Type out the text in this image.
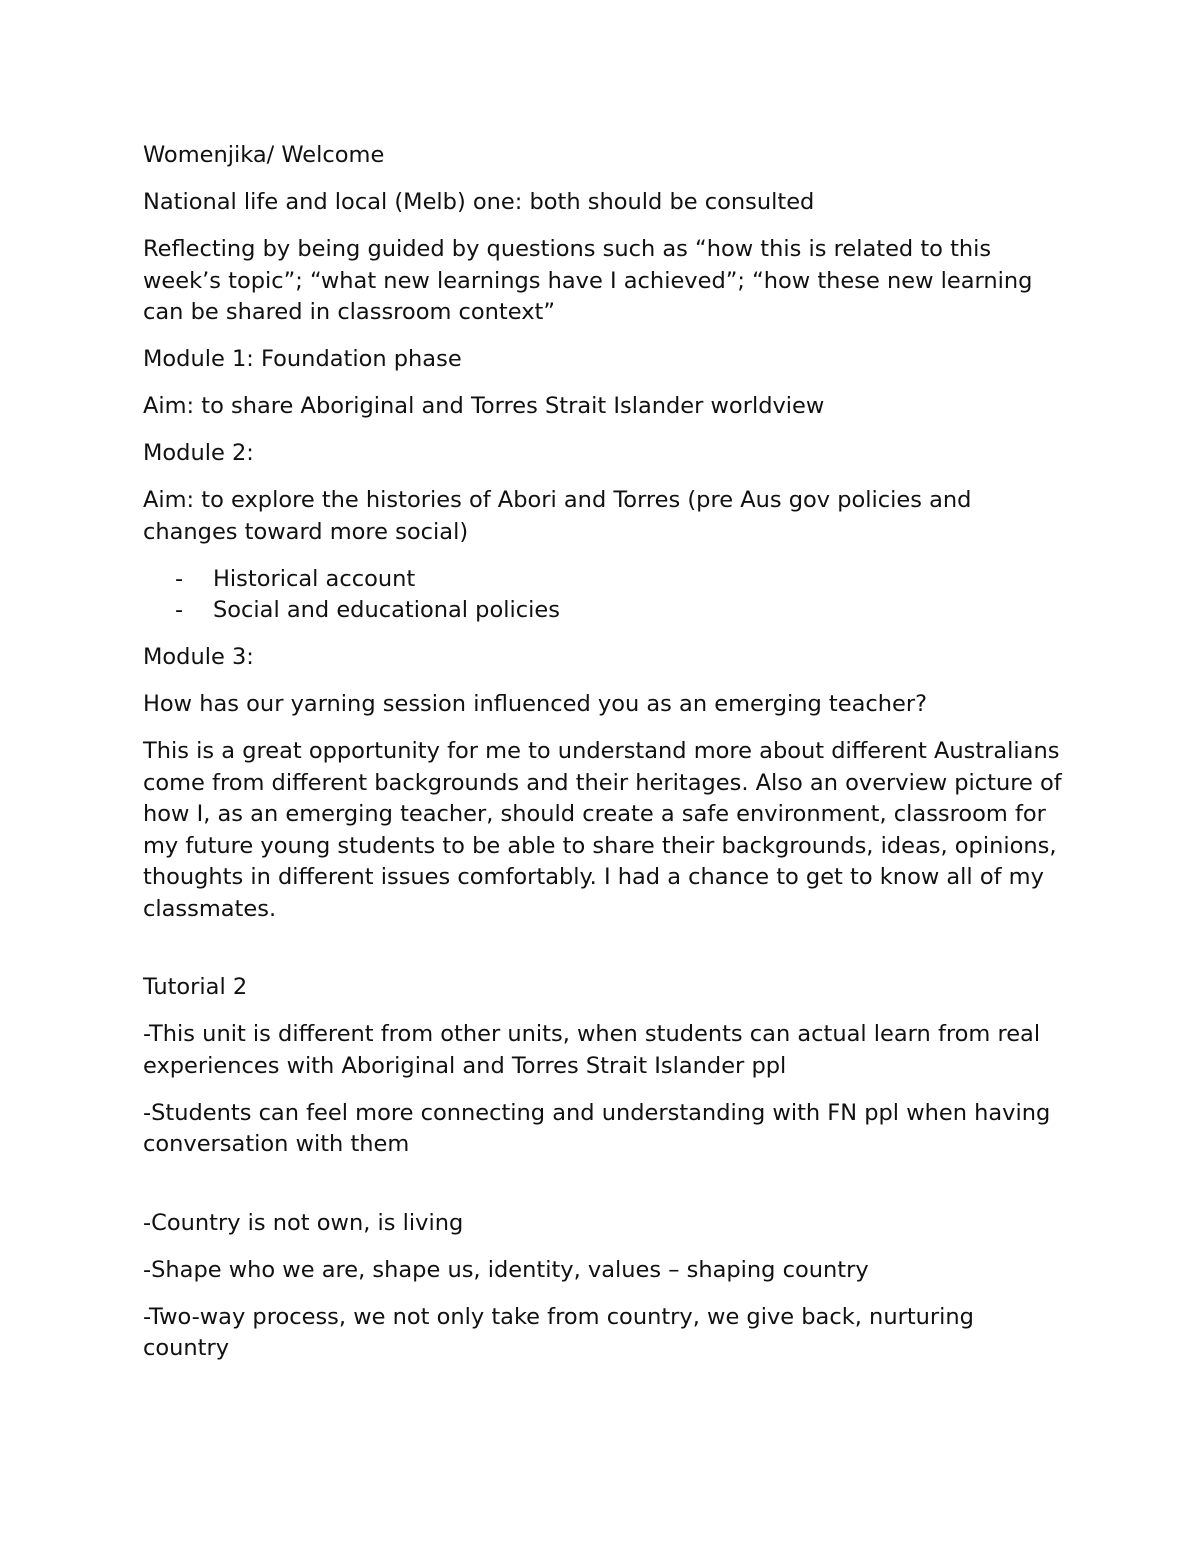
Womenjika/ Welcome

National life and local (Melb) one: both should be consulted

Reflecting by being guided by questions such as “how this is related to this week’s topic”; “what new learnings have I achieved”; “how these new learning can be shared in classroom context”

Module 1: Foundation phase

Aim: to share Aboriginal and Torres Strait Islander worldview

Module 2:

Aim: to explore the histories of Abori and Torres (pre Aus gov policies and changes toward more social)

- Historical account
- Social and educational policies

Module 3:

How has our yarning session influenced you as an emerging teacher?

This is a great opportunity for me to understand more about different Australians come from different backgrounds and their heritages. Also an overview picture of how I, as an emerging teacher, should create a safe environment, classroom for my future young students to be able to share their backgrounds, ideas, opinions, thoughts in different issues comfortably. I had a chance to get to know all of my classmates.

Tutorial 2

-This unit is different from other units, when students can actual learn from real experiences with Aboriginal and Torres Strait Islander ppl

-Students can feel more connecting and understanding with FN ppl when having conversation with them

-Country is not own, is living

-Shape who we are, shape us, identity, values – shaping country

-Two-way process, we not only take from country, we give back, nurturing country
